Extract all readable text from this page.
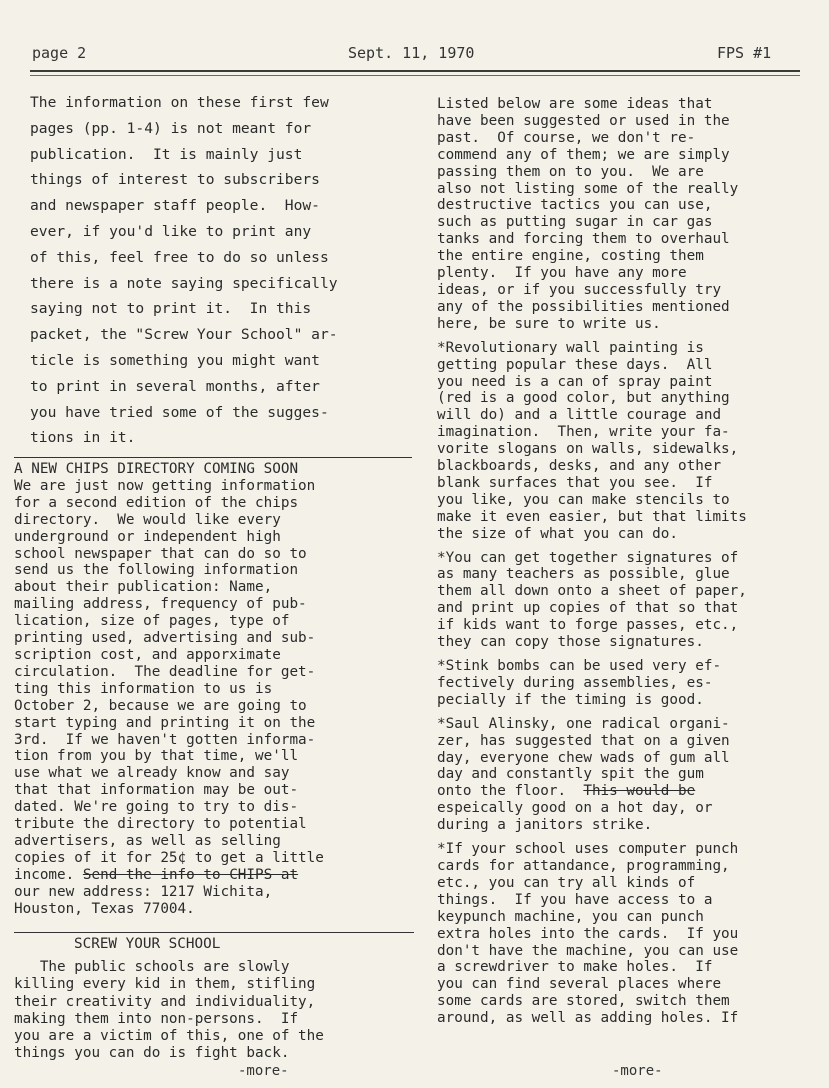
page 2	Sept. 11, 1970	FPS #1
The information on these first few
pages (pp. 1-4) is not meant for
publication.  It is mainly just
things of interest to subscribers
and newspaper staff people.  How-
ever, if you'd like to print any
of this, feel free to do so unless
there is a note saying specifically
saying not to print it.  In this
packet, the "Screw Your School" ar-
ticle is something you might want
to print in several months, after
you have tried some of the sugges-
tions in it.
A NEW CHIPS DIRECTORY COMING SOON
We are just now getting information
for a second edition of the chips
directory.  We would like every
underground or independent high
school newspaper that can do so to
send us the following information
about their publication: Name,
mailing address, frequency of pub-
lication, size of pages, type of
printing used, advertising and sub-
scription cost, and apporximate
circulation.  The deadline for get-
ting this information to us is
October 2, because we are going to
start typing and printing it on the
3rd.  If we haven't gotten informa-
tion from you by that time, we'll
use what we already know and say
that that information may be out-
dated. We're going to try to dis-
tribute the directory to potential
advertisers, as well as selling
copies of it for 25¢ to get a little
income. Send the info to CHIPS at
our new address: 1217 Wichita,
Houston, Texas 77004.
SCREW YOUR SCHOOL
The public schools are slowly
killing every kid in them, stifling
their creativity and individuality,
making them into non-persons.  If
you are a victim of this, one of the
things you can do is fight back.
-more-
Listed below are some ideas that
have been suggested or used in the
past.  Of course, we don't re-
commend any of them; we are simply
passing them on to you.  We are
also not listing some of the really
destructive tactics you can use,
such as putting sugar in car gas
tanks and forcing them to overhaul
the entire engine, costing them
plenty.  If you have any more
ideas, or if you successfully try
any of the possibilities mentioned
here, be sure to write us.
*Revolutionary wall painting is
getting popular these days.  All
you need is a can of spray paint
(red is a good color, but anything
will do) and a little courage and
imagination.  Then, write your fa-
vorite slogans on walls, sidewalks,
blackboards, desks, and any other
blank surfaces that you see.  If
you like, you can make stencils to
make it even easier, but that limits
the size of what you can do.
*You can get together signatures of
as many teachers as possible, glue
them all down onto a sheet of paper,
and print up copies of that so that
if kids want to forge passes, etc.,
they can copy those signatures.
*Stink bombs can be used very ef-
fectively during assemblies, es-
pecially if the timing is good.
*Saul Alinsky, one radical organi-
zer, has suggested that on a given
day, everyone chew wads of gum all
day and constantly spit the gum
onto the floor. This would be
espeically good on a hot day, or
during a janitors strike.
*If your school uses computer punch
cards for attandance, programming,
etc., you can try all kinds of
things.  If you have access to a
keypunch machine, you can punch
extra holes into the cards.  If you
don't have the machine, you can use
a screwdriver to make holes.  If
you can find several places where
some cards are stored, switch them
around, as well as adding holes. If
-more-
